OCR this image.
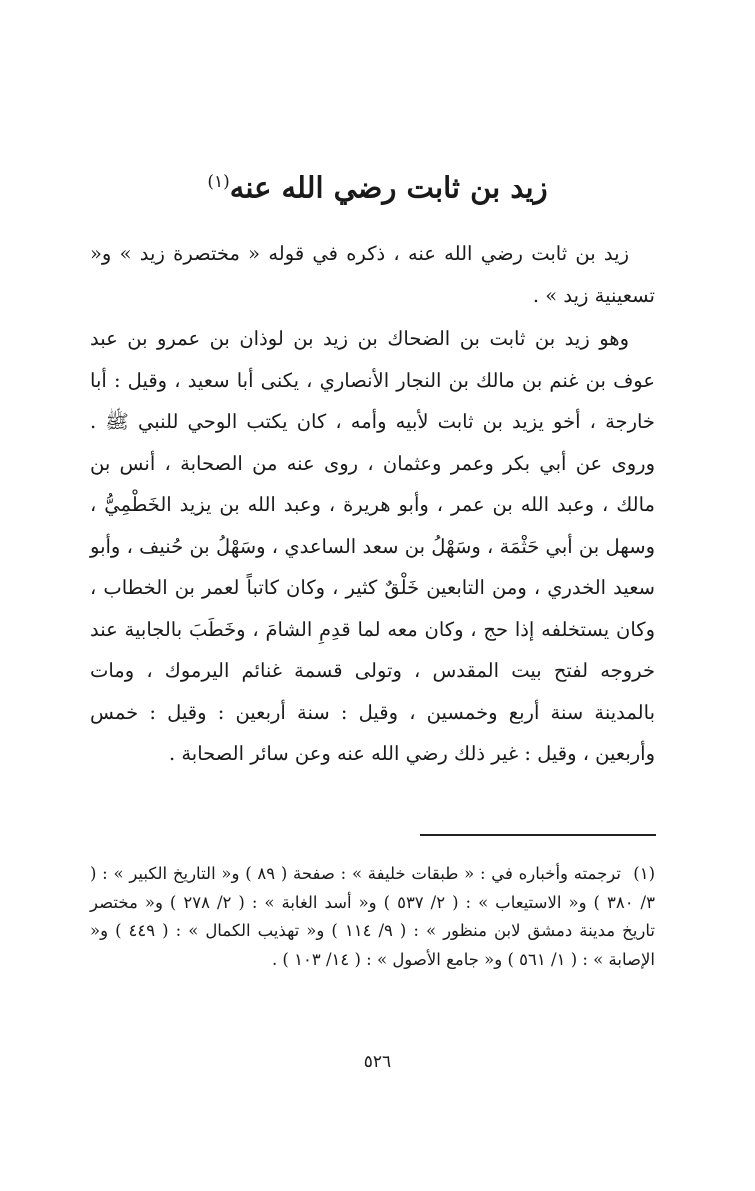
زيد بن ثابت رضي الله عنه$^{(١)}$
زيد بن ثابت رضي الله عنه ، ذكره في قوله « مختصرة زيد » و« تسعينية زيد » .
وهو زيد بن ثابت بن الضحاك بن زيد بن لوذان بن عمرو بن عبد عوف بن غنم بن مالك بن النجار الأنصاري ، يكنى أبا سعيد ، وقيل : أبا خارجة ، أخو يزيد بن ثابت لأبيه وأمه ، كان يكتب الوحي للنبي ﷺ . وروى عن أبي بكر وعمر وعثمان ، روى عنه من الصحابة ، أنس بن مالك ، وعبد الله بن عمر ، وأبو هريرة ، وعبد الله بن يزيد الخَطْمِيُّ ، وسهل بن أبي حَثْمَة ، وسَهْلُ بن سعد الساعدي ، وسَهْلُ بن حُنيف ، وأبو سعيد الخدري ، ومن التابعين خَلْقٌ كثير ، وكان كاتباً لعمر بن الخطاب ، وكان يستخلفه إذا حج ، وكان معه لما قدِمِ الشامَ ، وخَطَبَ بالجابية عند خروجه لفتح بيت المقدس ، وتولى قسمة غنائم اليرموك ، ومات بالمدينة سنة أربع وخمسين ، وقيل : سنة أربعين : وقيل : خمس وأربعين ، وقيل : غير ذلك رضي الله عنه وعن سائر الصحابة .
(١)ترجمته وأخباره في : « طبقات خليفة » : صفحة ( ٨٩ ) و« التاريخ الكبير » : ( ٣/ ٣٨٠ ) و« الاستيعاب » : ( ٢/ ٥٣٧ ) و« أسد الغابة » : ( ٢/ ٢٧٨ ) و« مختصر تاريخ مدينة دمشق لابن منظور » : ( ٩/ ١١٤ ) و« تهذيب الكمال » : ( ٤٤٩ ) و« الإصابة » : ( ١/ ٥٦١ ) و« جامع الأصول » : ( ١٤/ ١٠٣ ) .
٥٢٦
